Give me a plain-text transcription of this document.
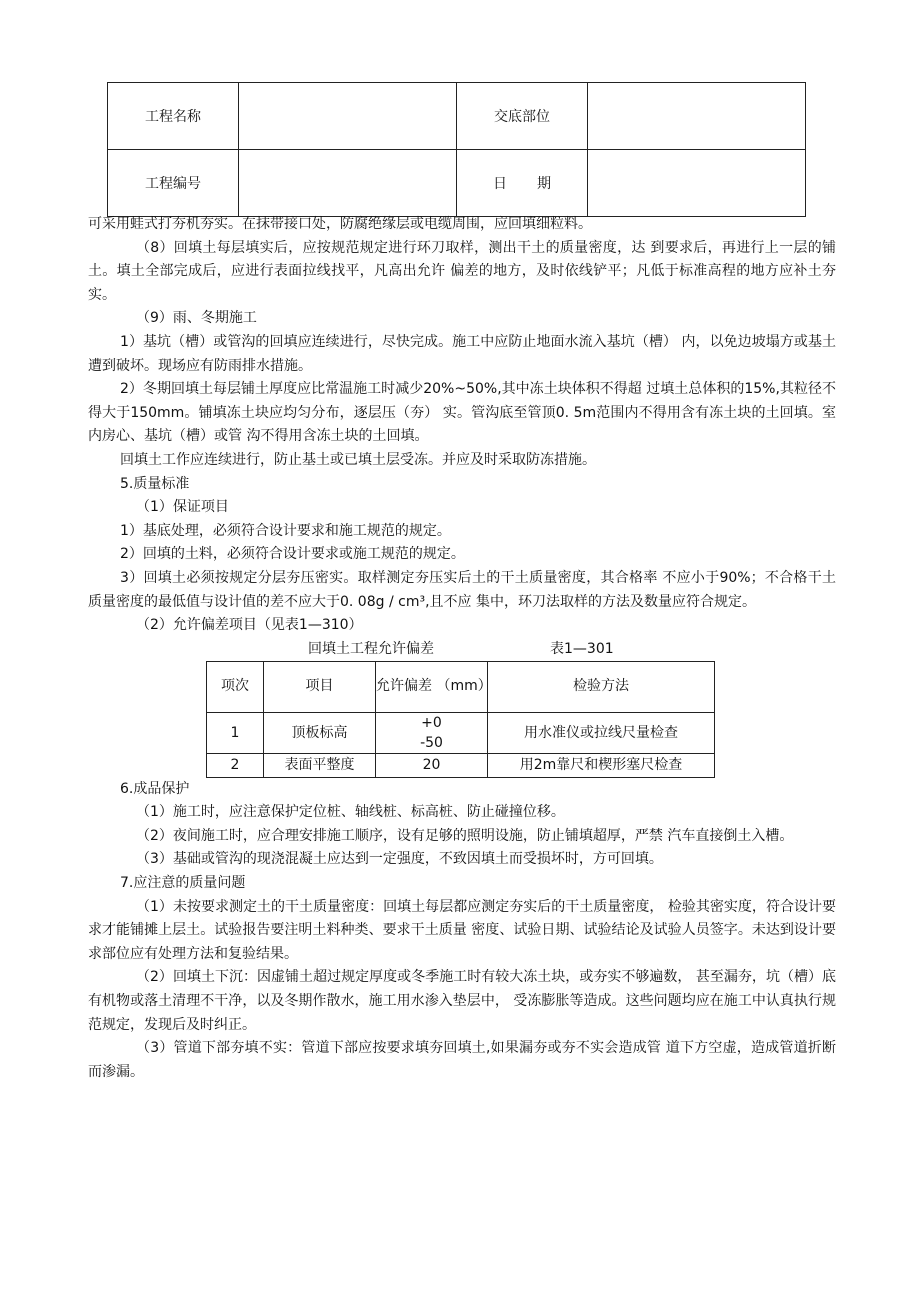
工程名称		交底部位	
工程编号		日期	

可采用蛙式打夯机夯实。在抹带接口处，防腐绝缘层或电缆周围，应回填细粒料。

（8）回填土每层填实后，应按规范规定进行环刀取样，测出干土的质量密度，达 到要求后，再进行上一层的铺土。填土全部完成后，应进行表面拉线找平，凡高出允许 偏差的地方，及时依线铲平；凡低于标准高程的地方应补土夯实。

（9）雨、冬期施工

1）基坑（槽）或管沟的回填应连续进行，尽快完成。施工中应防止地面水流入基坑（槽） 内，以免边坡塌方或基土遭到破坏。现场应有防雨排水措施。

2）冬期回填土每层铺土厚度应比常温施工时减少20%~50%,其中冻土块体积不得超 过填土总体积的15%,其粒径不得大于150mm。铺填冻土块应均匀分布，逐层压（夯） 实。管沟底至管顶0. 5m范围内不得用含有冻土块的土回填。室内房心、基坑（槽）或管 沟不得用含冻土块的土回填。

回填土工作应连续进行，防止基土或已填土层受冻。并应及时采取防冻措施。

5.质量标准

（1）保证项目

1）基底处理，必须符合设计要求和施工规范的规定。

2）回填的土料，必须符合设计要求或施工规范的规定。

3）回填土必须按规定分层夯压密实。取样测定夯压实后土的干土质量密度，其合格率 不应小于90%；不合格干土质量密度的最低值与设计值的差不应大于0. 08g / cm³,且不应 集中，环刀法取样的方法及数量应符合规定。

（2）允许偏差项目（见表1—310）

回填土工程允许偏差	表1—301
项次	项目	允许偏差 （mm）	检验方法
1	顶板标高	+0-50	用水准仪或拉线尺量检查
2	表面平整度	20	用2m靠尺和楔形塞尺检查

6.成品保护

（1）施工时，应注意保护定位桩、轴线桩、标高桩、防止碰撞位移。

（2）夜间施工时，应合理安排施工顺序，设有足够的照明设施，防止铺填超厚，严禁 汽车直接倒土入槽。

（3）基础或管沟的现浇混凝土应达到一定强度，不致因填土而受损坏时，方可回填。

7.应注意的质量问题

（1）未按要求测定土的干土质量密度：回填土每层都应测定夯实后的干土质量密度， 检验其密实度，符合设计要求才能铺摊上层土。试验报告要注明土料种类、要求干土质量 密度、试验日期、试验结论及试验人员签字。未达到设计要求部位应有处理方法和复验结果。

（2）回填土下沉：因虚铺土超过规定厚度或冬季施工时有较大冻土块，或夯实不够遍数， 甚至漏夯，坑（槽）底有机物或落土清理不干净，以及冬期作散水，施工用水渗入垫层中， 受冻膨胀等造成。这些问题均应在施工中认真执行规范规定，发现后及时纠正。

（3）管道下部夯填不实：管道下部应按要求填夯回填土,如果漏夯或夯不实会造成管 道下方空虚，造成管道折断而渗漏。
